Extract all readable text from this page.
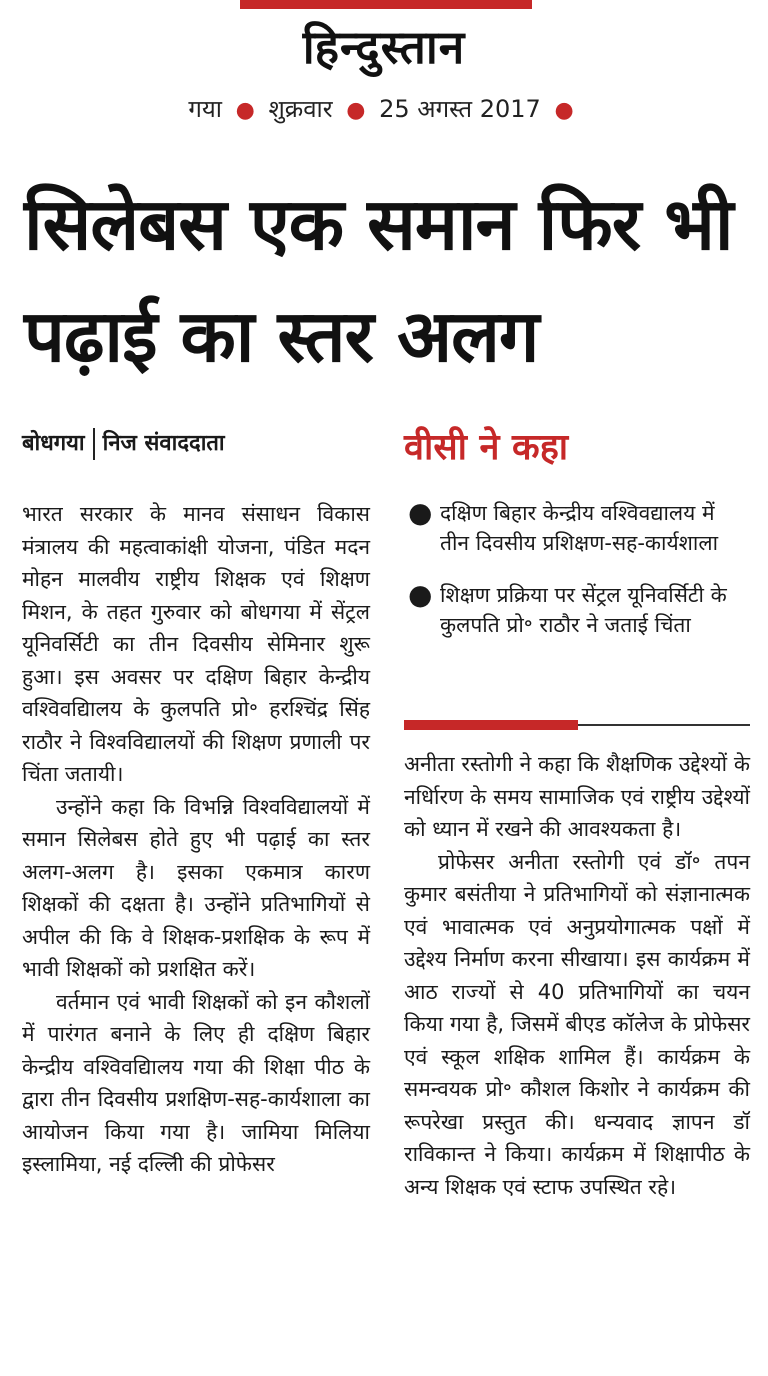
हिन्दुस्तान
गया ● शुक्रवार ● 25 अगस्त 2017 ●
सिलेबस एक समान फिर भी पढ़ाई का स्तर अलग
बोधगया निज संवाददाता

भारत सरकार के मानव संसाधन विकास मंत्रालय की महत्वाकांक्षी योजना, पंडित मदन मोहन मालवीय राष्ट्रीय शिक्षक एवं शिक्षण मिशन, के तहत गुरुवार को बोधगया में सेंट्रल यूनिवर्सिटी का तीन दिवसीय सेमिनार शुरू हुआ। इस अवसर पर दक्षिण बिहार केन्द्रीय वश्विवद्यिालय के कुलपति प्रो॰ हरश्चिंद्र सिंह राठौर ने विश्वविद्यालयों की शिक्षण प्रणाली पर चिंता जतायी।

उन्होंने कहा कि विभन्नि विश्वविद्यालयों में समान सिलेबस होते हुए भी पढ़ाई का स्तर अलग-अलग है। इसका एकमात्र कारण शिक्षकों की दक्षता है। उन्होंने प्रतिभागियों से अपील की कि वे शिक्षक-प्रशक्षिक के रूप में भावी शिक्षकों को प्रशक्षित करें।

वर्तमान एवं भावी शिक्षकों को इन कौशलों में पारंगत बनाने के लिए ही दक्षिण बिहार केन्द्रीय वश्विवद्यिालय गया की शिक्षा पीठ के द्वारा तीन दिवसीय प्रशक्षिण-सह-कार्यशाला का आयोजन किया गया है। जामिया मिलिया इस्लामिया, नई दल्लिी की प्रोफेसर

वीसी ने कहा
● दक्षिण बिहार केन्द्रीय वश्विवद्यालय में तीन दिवसीय प्रशिक्षण-सह-कार्यशाला
● शिक्षण प्रक्रिया पर सेंट्रल यूनिवर्सिटी के कुलपति प्रो॰ राठौर ने जताई चिंता

अनीता रस्तोगी ने कहा कि शैक्षणिक उद्देश्यों के नर्धिारण के समय सामाजिक एवं राष्ट्रीय उद्देश्यों को ध्यान में रखने की आवश्यकता है।

प्रोफेसर अनीता रस्तोगी एवं डॉ॰ तपन कुमार बसंतीया ने प्रतिभागियों को संज्ञानात्मक एवं भावात्मक एवं अनुप्रयोगात्मक पक्षों में उद्देश्य निर्माण करना सीखाया। इस कार्यक्रम में आठ राज्यों से 40 प्रतिभागियों का चयन किया गया है, जिसमें बीएड कॉलेज के प्रोफेसर एवं स्कूल शक्षिक शामिल हैं। कार्यक्रम के समन्वयक प्रो॰ कौशल किशोर ने कार्यक्रम की रूपरेखा प्रस्तुत की। धन्यवाद ज्ञापन डॉ राविकान्त ने किया। कार्यक्रम में शिक्षापीठ के अन्य शिक्षक एवं स्टाफ उपस्थित रहे।
